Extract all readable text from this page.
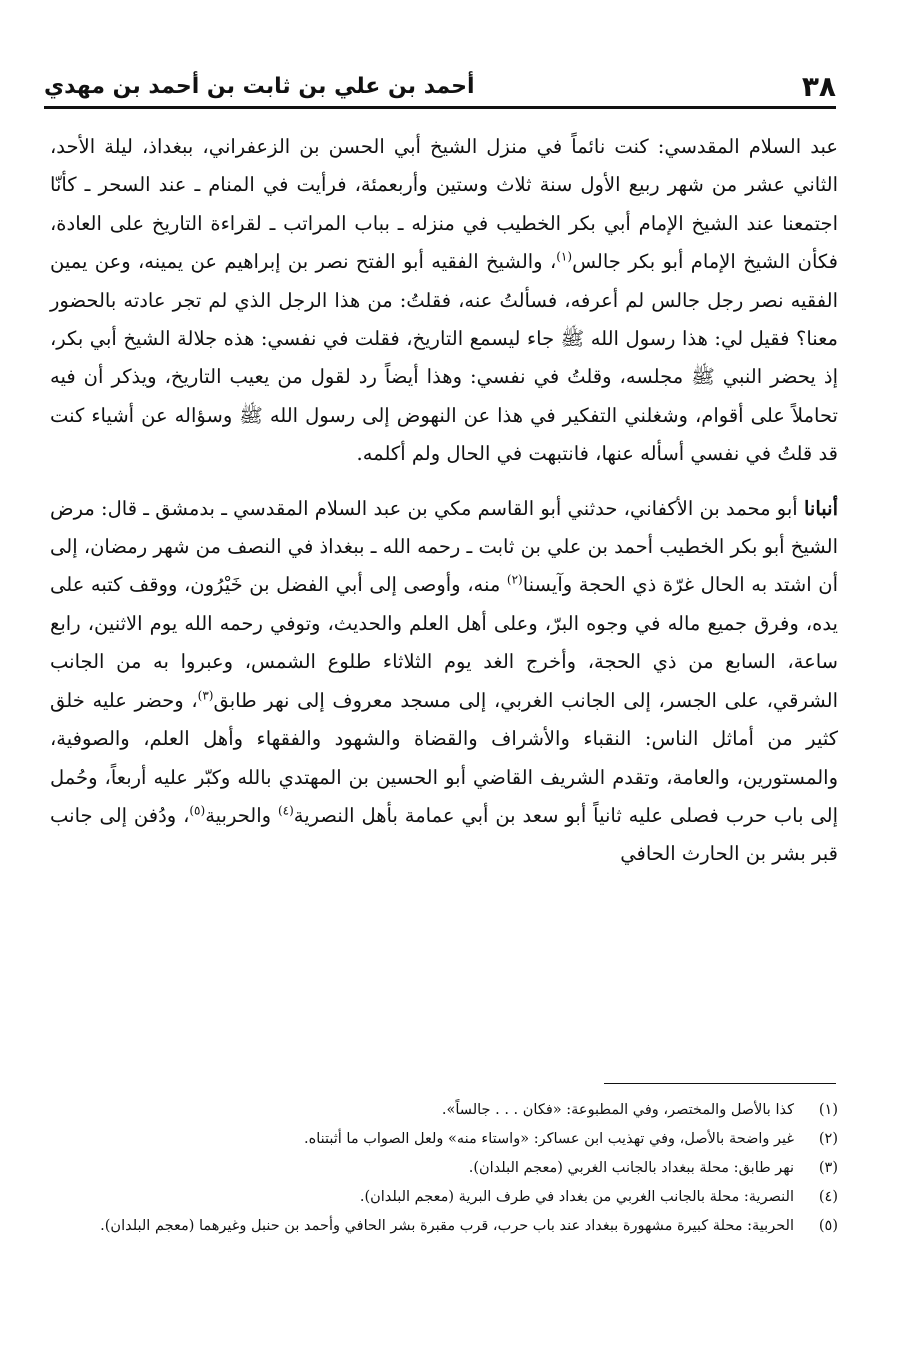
٣٨
أحمد بن علي بن ثابت بن أحمد بن مهدي

عبد السلام المقدسي: كنت نائماً في منزل الشيخ أبي الحسن بن الزعفراني، ببغداذ، ليلة الأحد، الثاني عشر من شهر ربيع الأول سنة ثلاث وستين وأربعمئة، فرأيت في المنام ـ عند السحر ـ كأنّا اجتمعنا عند الشيخ الإمام أبي بكر الخطيب في منزله ـ بباب المراتب ـ لقراءة التاريخ على العادة، فكأن الشيخ الإمام أبو بكر جالس$^{(١)}$، والشيخ الفقيه أبو الفتح نصر بن إبراهيم عن يمينه، وعن يمين الفقيه نصر رجل جالس لم أعرفه، فسألتُ عنه، فقلتُ: من هذا الرجل الذي لم تجر عادته بالحضور معنا؟ فقيل لي: هذا رسول الله ﷺ جاء ليسمع التاريخ، فقلت في نفسي: هذه جلالة الشيخ أبي بكر، إذ يحضر النبي ﷺ مجلسه، وقلتُ في نفسي: وهذا أيضاً رد لقول من يعيب التاريخ، ويذكر أن فيه تحاملاً على أقوام، وشغلني التفكير في هذا عن النهوض إلى رسول الله ﷺ وسؤاله عن أشياء كنت قد قلتُ في نفسي أسأله عنها، فانتبهت في الحال ولم أكلمه.

أنبانا أبو محمد بن الأكفاني، حدثني أبو القاسم مكي بن عبد السلام المقدسي ـ بدمشق ـ قال: مرض الشيخ أبو بكر الخطيب أحمد بن علي بن ثابت ـ رحمه الله ـ ببغداذ في النصف من شهر رمضان، إلى أن اشتد به الحال غرّة ذي الحجة وآيسنا$^{(٢)}$ منه، وأوصى إلى أبي الفضل بن خَيْرُون، ووقف كتبه على يده، وفرق جميع ماله في وجوه البرّ، وعلى أهل العلم والحديث، وتوفي رحمه الله يوم الاثنين، رابع ساعة، السابع من ذي الحجة، وأخرج الغد يوم الثلاثاء طلوع الشمس، وعبروا به من الجانب الشرقي، على الجسر، إلى الجانب الغربي، إلى مسجد معروف إلى نهر طابق$^{(٣)}$، وحضر عليه خلق كثير من أماثل الناس: النقباء والأشراف والقضاة والشهود والفقهاء وأهل العلم، والصوفية، والمستورين، والعامة، وتقدم الشريف القاضي أبو الحسين بن المهتدي بالله وكبّر عليه أربعاً، وحُمل إلى باب حرب فصلى عليه ثانياً أبو سعد بن أبي عمامة بأهل النصرية$^{(٤)}$ والحربية$^{(٥)}$، ودُفن إلى جانب قبر بشر بن الحارث الحافي

(١)
كذا بالأصل والمختصر، وفي المطبوعة: «فكان . . . جالساً».
(٢)
غير واضحة بالأصل، وفي تهذيب ابن عساكر: «واستاء منه» ولعل الصواب ما أثبتناه.
(٣)
نهر طابق: محلة ببغداد بالجانب الغربي (معجم البلدان).
(٤)
النصرية: محلة بالجانب الغربي من بغداد في طرف البرية (معجم البلدان).
(٥)
الحربية: محلة كبيرة مشهورة ببغداد عند باب حرب، قرب مقبرة بشر الحافي وأحمد بن حنبل وغيرهما (معجم البلدان).
